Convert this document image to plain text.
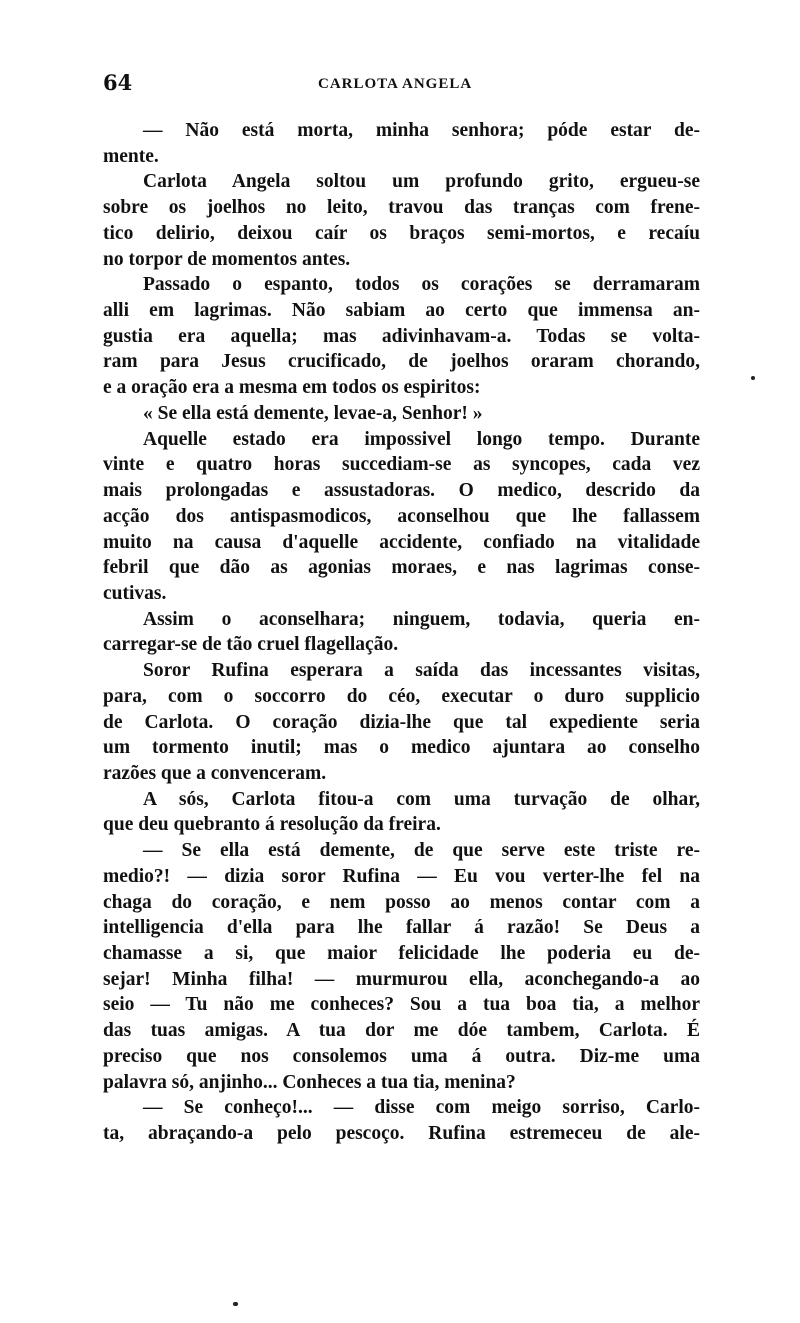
64	CARLOTA ANGELA
— Não está morta, minha senhora; póde estar de-
mente.
Carlota Angela soltou um profundo grito, ergueu-se
sobre os joelhos no leito, travou das tranças com frene-
tico delirio, deixou caír os braços semi-mortos, e recaíu
no torpor de momentos antes.
Passado o espanto, todos os corações se derramaram
alli em lagrimas. Não sabiam ao certo que immensa an-
gustia era aquella; mas adivinhavam-a. Todas se volta-
ram para Jesus crucificado, de joelhos oraram chorando,
e a oração era a mesma em todos os espiritos:
« Se ella está demente, levae-a, Senhor! »
Aquelle estado era impossivel longo tempo. Durante
vinte e quatro horas succediam-se as syncopes, cada vez
mais prolongadas e assustadoras. O medico, descrido da
acção dos antispasmodicos, aconselhou que lhe fallassem
muito na causa d'aquelle accidente, confiado na vitalidade
febril que dão as agonias moraes, e nas lagrimas conse-
cutivas.
Assim o aconselhara; ninguem, todavia, queria en-
carregar-se de tão cruel flagellação.
Soror Rufina esperara a saída das incessantes visitas,
para, com o soccorro do céo, executar o duro supplicio
de Carlota. O coração dizia-lhe que tal expediente seria
um tormento inutil; mas o medico ajuntara ao conselho
razões que a convenceram.
A sós, Carlota fitou-a com uma turvação de olhar,
que deu quebranto á resolução da freira.
— Se ella está demente, de que serve este triste re-
medio?! — dizia soror Rufina — Eu vou verter-lhe fel na
chaga do coração, e nem posso ao menos contar com a
intelligencia d'ella para lhe fallar á razão! Se Deus a
chamasse a si, que maior felicidade lhe poderia eu de-
sejar! Minha filha! — murmurou ella, aconchegando-a ao
seio — Tu não me conheces? Sou a tua boa tia, a melhor
das tuas amigas. A tua dor me dóe tambem, Carlota. É
preciso que nos consolemos uma á outra. Diz-me uma
palavra só, anjinho... Conheces a tua tia, menina?
— Se conheço!... — disse com meigo sorriso, Carlo-
ta, abraçando-a pelo pescoço. Rufina estremeceu de ale-
